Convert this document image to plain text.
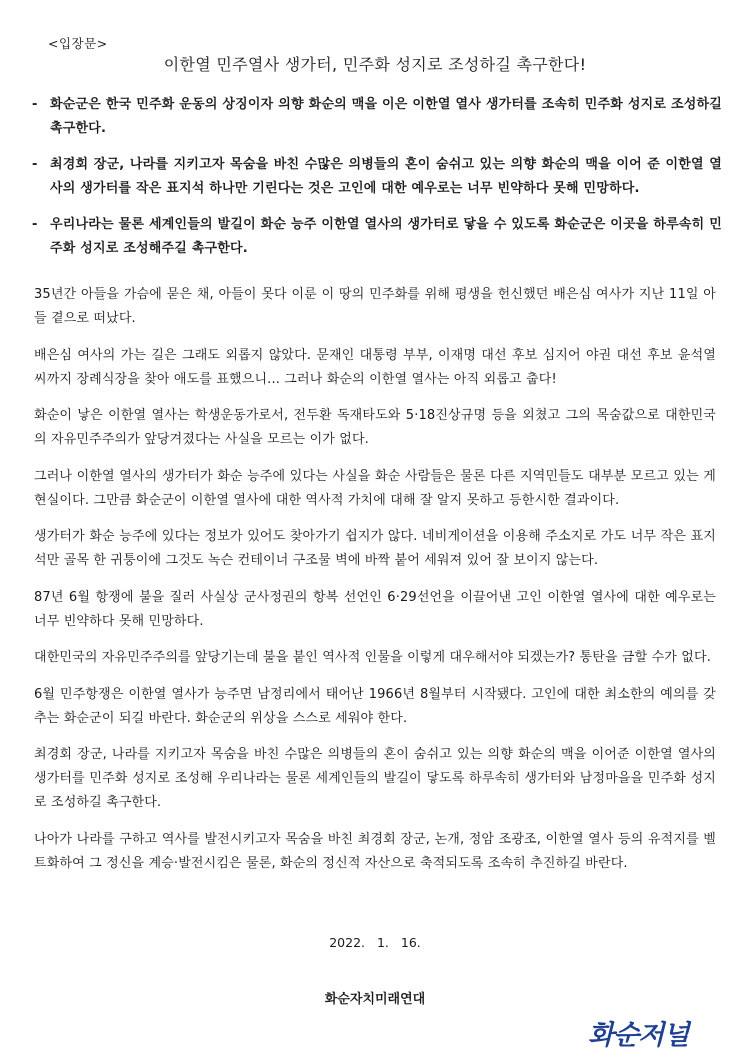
<입장문>
이한열 민주열사 생가터, 민주화 성지로 조성하길 촉구한다!
- 화순군은 한국 민주화 운동의 상징이자 의향 화순의 맥을 이은 이한열 열사 생가터를 조속히 민주화 성지로 조성하길 촉구한다.
- 최경회 장군, 나라를 지키고자 목숨을 바친 수많은 의병들의 혼이 숨쉬고 있는 의향 화순의 맥을 이어 준 이한열 열사의 생가터를 작은 표지석 하나만 기린다는 것은 고인에 대한 예우로는 너무 빈약하다 못해 민망하다.
- 우리나라는 물론 세계인들의 발길이 화순 능주 이한열 열사의 생가터로 닿을 수 있도록 화순군은 이곳을 하루속히 민주화 성지로 조성해주길 촉구한다.

35년간 아들을 가슴에 묻은 채, 아들이 못다 이룬 이 땅의 민주화를 위해 평생을 헌신했던 배은심 여사가 지난 11일 아들 곁으로 떠났다.

배은심 여사의 가는 길은 그래도 외롭지 않았다. 문재인 대통령 부부, 이재명 대선 후보 심지어 야권 대선 후보 윤석열 씨까지 장례식장을 찾아 애도를 표했으니... 그러나 화순의 이한열 열사는 아직 외롭고 춥다!

화순이 낳은 이한열 열사는 학생운동가로서, 전두환 독재타도와 5·18진상규명 등을 외쳤고 그의 목숨값으로 대한민국의 자유민주주의가 앞당겨졌다는 사실을 모르는 이가 없다.

그러나 이한열 열사의 생가터가 화순 능주에 있다는 사실을 화순 사람들은 물론 다른 지역민들도 대부분 모르고 있는 게 현실이다. 그만큼 화순군이 이한열 열사에 대한 역사적 가치에 대해 잘 알지 못하고 등한시한 결과이다.

생가터가 화순 능주에 있다는 정보가 있어도 찾아가기 쉽지가 않다. 네비게이션을 이용해 주소지로 가도 너무 작은 표지석만 골목 한 귀퉁이에 그것도 녹슨 컨테이너 구조물 벽에 바짝 붙어 세워져 있어 잘 보이지 않는다.

87년 6월 항쟁에 불을 질러 사실상 군사정권의 항복 선언인 6·29선언을 이끌어낸 고인 이한열 열사에 대한 예우로는 너무 빈약하다 못해 민망하다.

대한민국의 자유민주주의를 앞당기는데 불을 붙인 역사적 인물을 이렇게 대우해서야 되겠는가? 통탄을 금할 수가 없다.

6월 민주항쟁은 이한열 열사가 능주면 남정리에서 태어난 1966년 8월부터 시작됐다. 고인에 대한 최소한의 예의를 갖추는 화순군이 되길 바란다. 화순군의 위상을 스스로 세워야 한다.

최경회 장군, 나라를 지키고자 목숨을 바친 수많은 의병들의 혼이 숨쉬고 있는 의향 화순의 맥을 이어준 이한열 열사의 생가터를 민주화 성지로 조성해 우리나라는 물론 세계인들의 발길이 닿도록 하루속히 생가터와 남정마을을 민주화 성지로 조성하길 촉구한다.

나아가 나라를 구하고 역사를 발전시키고자 목숨을 바친 최경회 장군, 논개, 정암 조광조, 이한열 열사 등의 유적지를 벨트화하여 그 정신을 계승·발전시킴은 물론, 화순의 정신적 자산으로 축적되도록 조속히 추진하길 바란다.

2022. 1. 16.
화순자치미래연대
화순저널
